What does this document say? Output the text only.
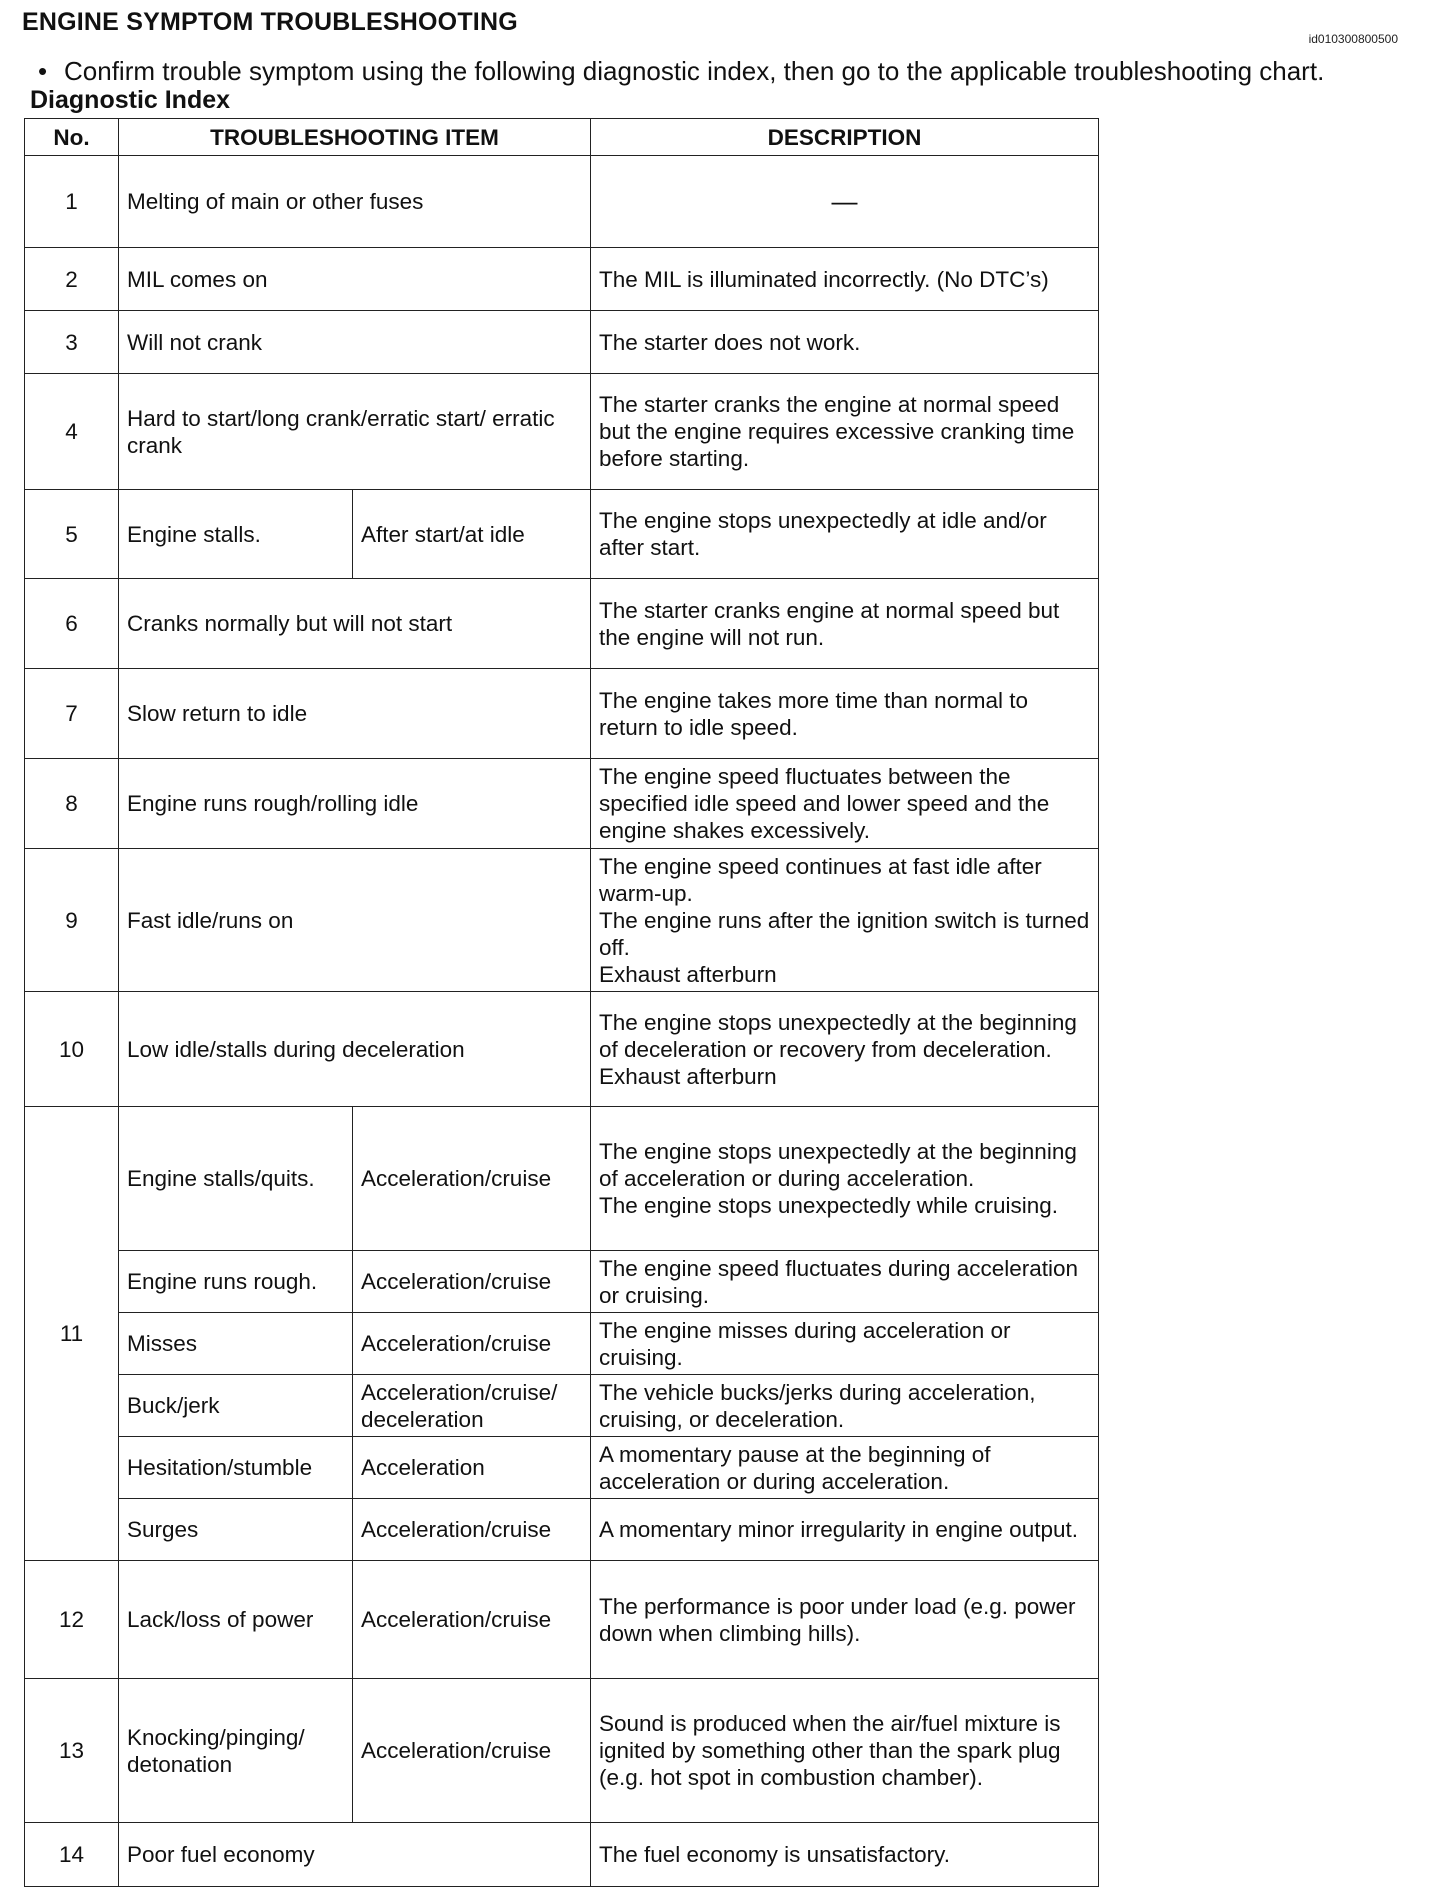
ENGINE SYMPTOM TROUBLESHOOTING
id010300800500
• Confirm trouble symptom using the following diagnostic index, then go to the applicable troubleshooting chart.
Diagnostic Index
No.	TROUBLESHOOTING ITEM		DESCRIPTION
1	Melting of main or other fuses		—
2	MIL comes on		The MIL is illuminated incorrectly. (No DTC’s)
3	Will not crank		The starter does not work.
4	Hard to start/long crank/erratic start/ erratic crank		The starter cranks the engine at normal speed but the engine requires excessive cranking time before starting.
5	Engine stalls.	After start/at idle	The engine stops unexpectedly at idle and/or after start.
6	Cranks normally but will not start		The starter cranks engine at normal speed but the engine will not run.
7	Slow return to idle		The engine takes more time than normal to return to idle speed.
8	Engine runs rough/rolling idle		The engine speed fluctuates between the specified idle speed and lower speed and the engine shakes excessively.
9	Fast idle/runs on		The engine speed continues at fast idle after warm-up.
The engine runs after the ignition switch is turned off.
Exhaust afterburn

10	Low idle/stalls during deceleration		The engine stops unexpectedly at the beginning of deceleration or recovery from deceleration.
Exhaust afterburn

11	Engine stalls/quits.	Acceleration/cruise	The engine stops unexpectedly at the beginning of acceleration or during acceleration.
The engine stops unexpectedly while cruising.

	Engine runs rough.	Acceleration/cruise	The engine speed fluctuates during acceleration or cruising.
	Misses	Acceleration/cruise	The engine misses during acceleration or cruising.
	Buck/jerk	Acceleration/cruise/ deceleration	The vehicle bucks/jerks during acceleration, cruising, or deceleration.
	Hesitation/stumble	Acceleration	A momentary pause at the beginning of acceleration or during acceleration.
	Surges	Acceleration/cruise	A momentary minor irregularity in engine output.
12	Lack/loss of power	Acceleration/cruise	The performance is poor under load (e.g. power down when climbing hills).
13	Knocking/pinging/ detonation	Acceleration/cruise	Sound is produced when the air/fuel mixture is ignited by something other than the spark plug (e.g. hot spot in combustion chamber).
14	Poor fuel economy		The fuel economy is unsatisfactory.
